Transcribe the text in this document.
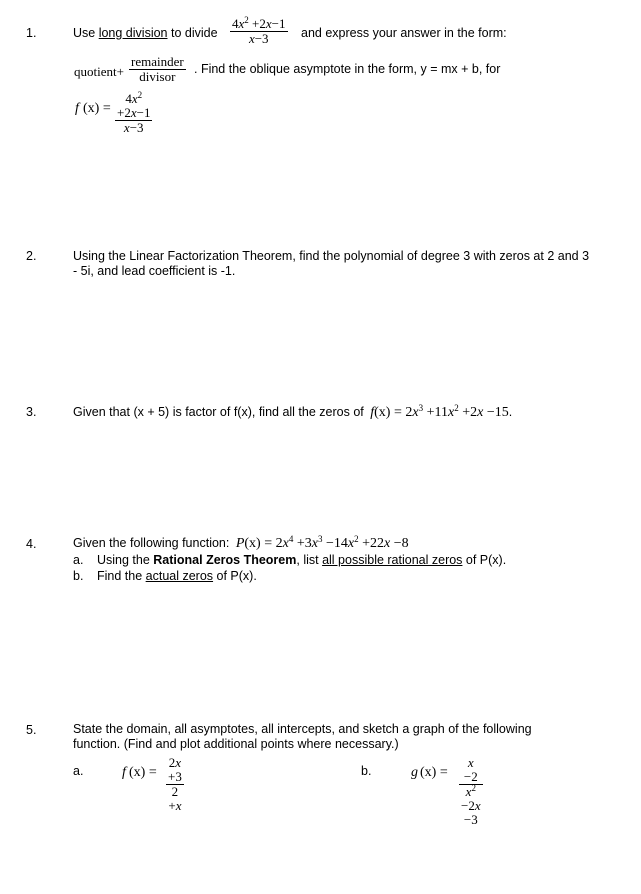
1.	Use long division to divide $\frac{4x^2 +2x-1}{x-3}$ and express your answer in the form:
quotient+
remainder
divisor	. Find the oblique asymptote in the form, y = mx + b, for
f $(x) = \frac{4x^2 +2x-1}{x-3}$
2.	Using the Linear Factorization Theorem, find the polynomial of degree 3 with zeros at 2 and 3 - 5i, and lead coefficient is -1.
3.	Given that (x + 5) is factor of f(x), find all the zeros of $f(x) = 2x^3 +11x^2 +2x -15$.
4.	Given the following function: $P(x) = 2x^4 +3x^3 -14x^2 +22x -8$
a. Using the Rational Zeros Theorem, list all possible rational zeros of P(x).
b. Find the actual zeros of P(x).
5.	State the domain, all asymptotes, all intercepts, and sketch a graph of the following function. (Find and plot additional points where necessary.)
a.	f $(x) = \frac{2x +3}{2 +x}$	b.	g $(x) = \frac{x -2}{x^2 -2x -3}$
